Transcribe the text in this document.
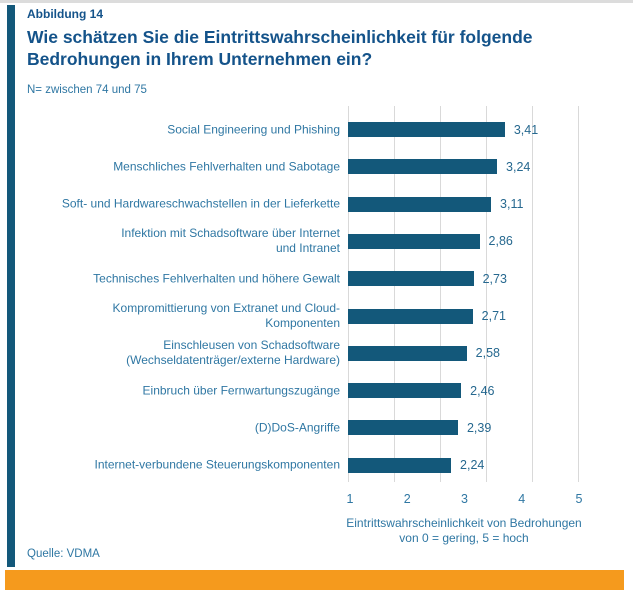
Abbildung 14
Wie schätzen Sie die Eintrittswahrscheinlichkeit für folgende
Bedrohungen in Ihrem Unternehmen ein?
N= zwischen 74 und 75
Eintrittswahrscheinlichkeit von Bedrohungen
von 0 = gering, 5 = hoch
Quelle: VDMA
Social Engineering und Phishing	3,41
Menschliches Fehlverhalten und Sabotage	3,24
Soft- und Hardwareschwachstellen in der Lieferkette	3,11
Infektion mit Schadsoftware über Internet
und Intranet	2,86
Technisches Fehlverhalten und höhere Gewalt	2,73
Kompromittierung von Extranet und Cloud-
Komponenten	2,71
Einschleusen von Schadsoftware
(Wechseldatenträger/externe Hardware)	2,58
Einbruch über Fernwartungszugänge	2,46
(D)DoS-Angriffe	2,39
Internet-verbundene Steuerungskomponenten	2,24
1	2	3	4	5
